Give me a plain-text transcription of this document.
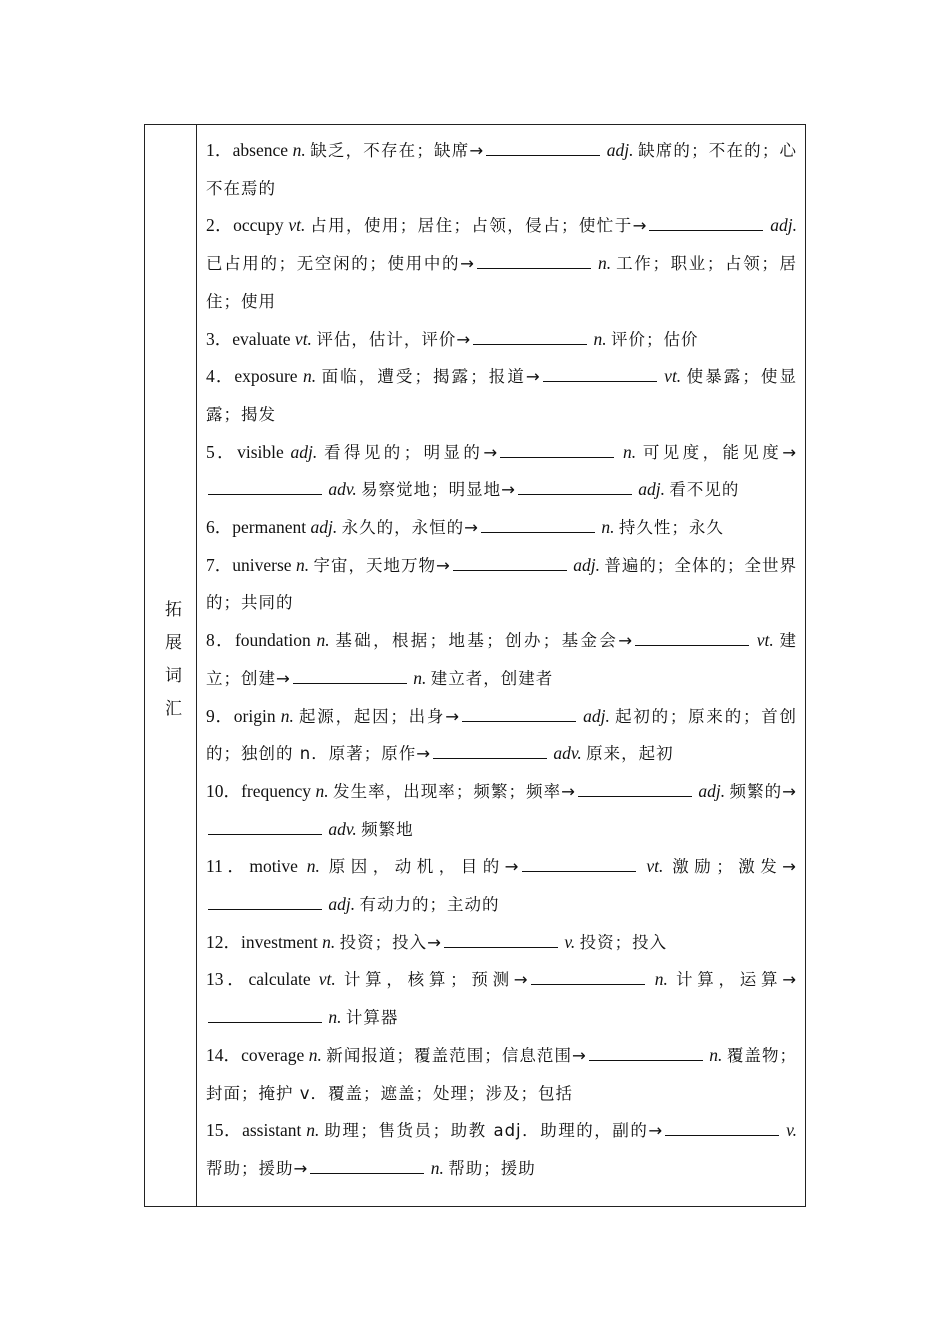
拓展词汇

1．absence n. 缺乏，不存在；缺席→	adj. 缺席的；不在的；心不在焉的

2．occupy vt. 占用，使用；居住；占领，侵占；使忙于→	adj. 已占用的；无空闲的；使用中的→	n. 工作；职业；占领；居住；使用

3．evaluate vt. 评估，估计，评价→	n. 评价；估价

4．exposure n. 面临，遭受；揭露；报道→	vt. 使暴露；使显露；揭发

5．visible adj. 看得见的；明显的→	n. 可见度，能见度→ adv. 易察觉地；明显地→	adj. 看不见的

6．permanent adj. 永久的，永恒的→	n. 持久性；永久

7．universe n. 宇宙，天地万物→	adj. 普遍的；全体的；全世界的；共同的

8．foundation n. 基础，根据；地基；创办；基金会→	vt. 建立；创建→	n. 建立者，创建者

9．origin n. 起源，起因；出身→	adj. 起初的；原来的；首创的；独创的 n．原著；原作→	adv. 原来，起初

10．frequency n. 发生率，出现率；频繁；频率→	adj. 频繁的→ adv. 频繁地

11．motive n. 原因，动机，目的→	vt. 激励；激发→ adj. 有动力的；主动的

12．investment n. 投资；投入→	v. 投资；投入

13．calculate vt. 计算，核算；预测→	n. 计算，运算→ n. 计算器

14．coverage n. 新闻报道；覆盖范围；信息范围→	n. 覆盖物；封面；掩护 v．覆盖；遮盖；处理；涉及；包括

15．assistant n. 助理；售货员；助教 adj．助理的，副的→	v. 帮助；援助→	n. 帮助；援助
